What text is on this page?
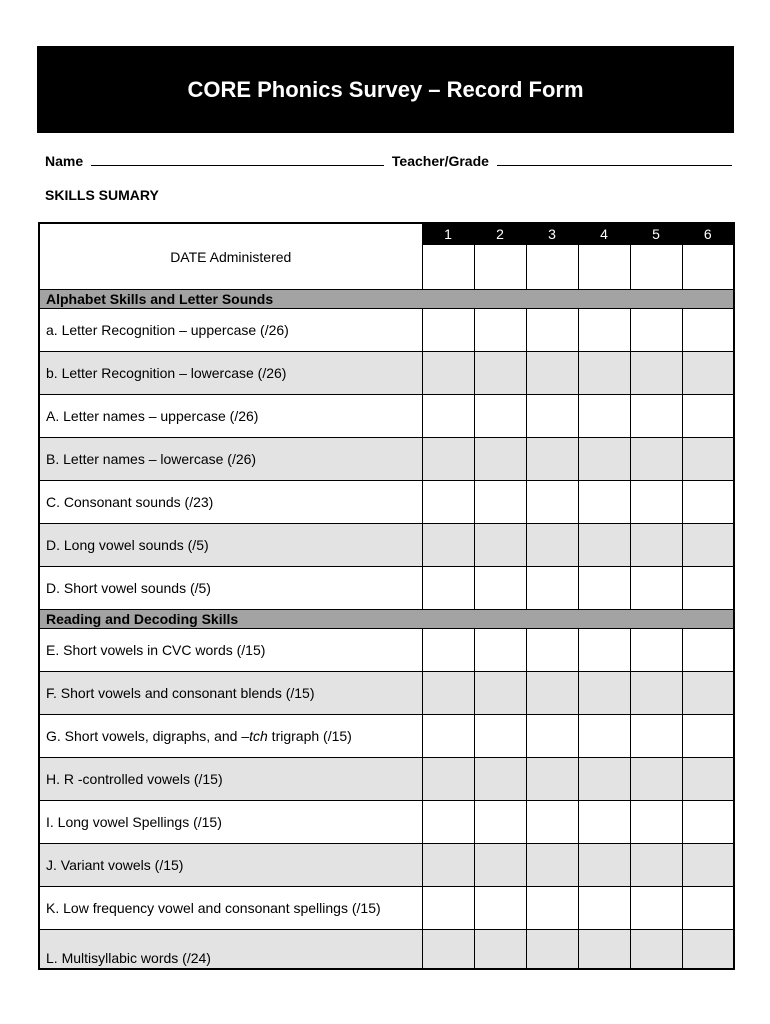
CORE Phonics Survey – Record Form
Name	Teacher/Grade
SKILLS SUMARY
DATE Administered	1	2	3	4	5	6

Alphabet Skills and Letter Sounds						
a. Letter Recognition – uppercase (/26)						
b. Letter Recognition – lowercase (/26)						
A. Letter names – uppercase (/26)						
B. Letter names – lowercase (/26)						
C. Consonant sounds (/23)						
D. Long vowel sounds (/5)						
D. Short vowel sounds (/5)						
Reading and Decoding Skills						
E. Short vowels in CVC words (/15)						
F. Short vowels and consonant blends (/15)						
G. Short vowels, digraphs, and –tch trigraph (/15)						
H. R -controlled vowels (/15)						
I. Long vowel Spellings (/15)						
J. Variant vowels (/15)						
K. Low frequency vowel and consonant spellings (/15)						
L. Multisyllabic words (/24)						
